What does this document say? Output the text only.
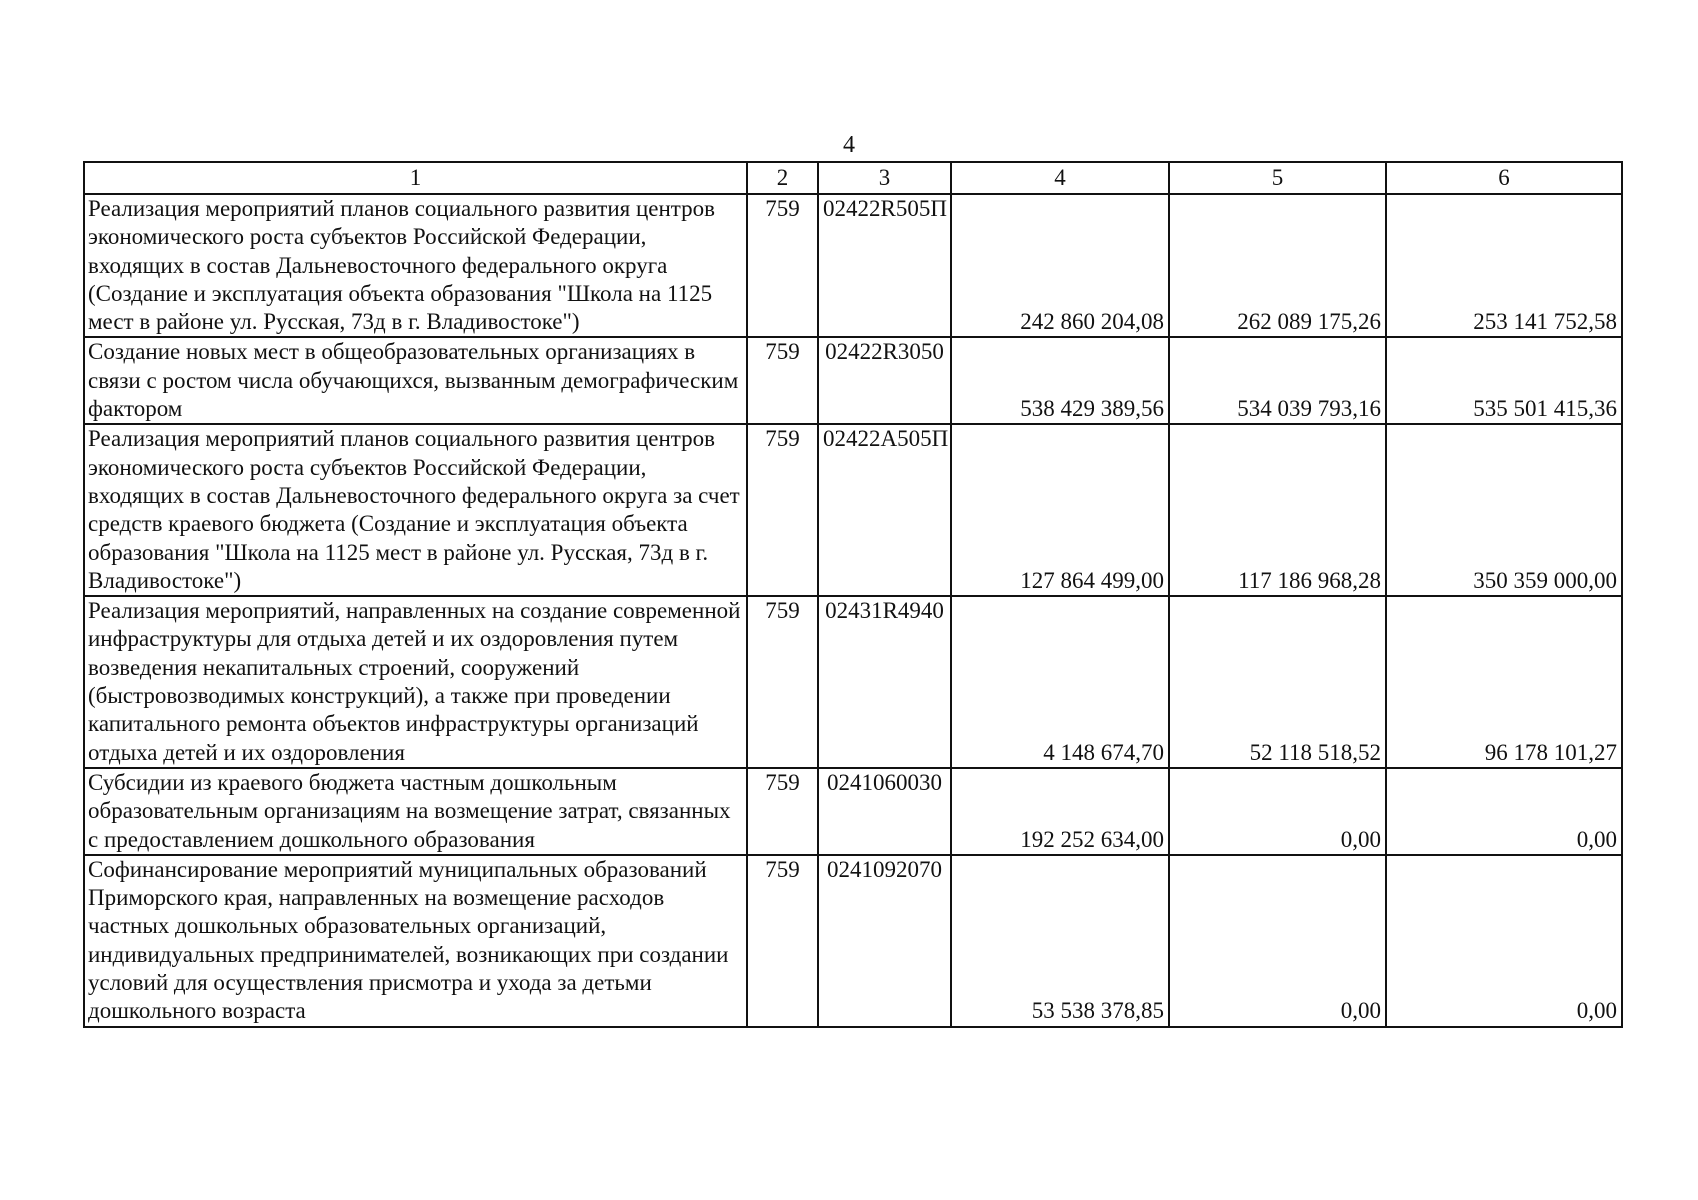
4
1	2	3	4	5	6
Реализация мероприятий планов социального развития центров экономического роста субъектов Российской Федерации, входящих в состав Дальневосточного федерального округа (Создание и эксплуатация объекта образования "Школа на 1125 мест в районе ул. Русская, 73д в г. Владивостоке")	759	02422R505П	242 860 204,08	262 089 175,26	253 141 752,58
Создание новых мест в общеобразовательных организациях в связи с ростом числа обучающихся, вызванным демографическим фактором	759	02422R3050	538 429 389,56	534 039 793,16	535 501 415,36
Реализация мероприятий планов социального развития центров экономического роста субъектов Российской Федерации, входящих в состав Дальневосточного федерального округа за счет средств краевого бюджета (Создание и эксплуатация объекта образования "Школа на 1125 мест в районе ул. Русская, 73д в г. Владивостоке")	759	02422А505П	127 864 499,00	117 186 968,28	350 359 000,00
Реализация мероприятий, направленных на создание современной инфраструктуры для отдыха детей и их оздоровления путем возведения некапитальных строений, сооружений (быстровозводимых конструкций), а также при проведении капитального ремонта объектов инфраструктуры организаций отдыха детей и их оздоровления	759	02431R4940	4 148 674,70	52 118 518,52	96 178 101,27
Субсидии из краевого бюджета частным дошкольным образовательным организациям на возмещение затрат, связанных с предоставлением дошкольного образования	759	0241060030	192 252 634,00	0,00	0,00
Софинансирование мероприятий муниципальных образований Приморского края, направленных на возмещение расходов частных дошкольных образовательных организаций, индивидуальных предпринимателей, возникающих при создании условий для осуществления присмотра и ухода за детьми дошкольного возраста	759	0241092070	53 538 378,85	0,00	0,00
